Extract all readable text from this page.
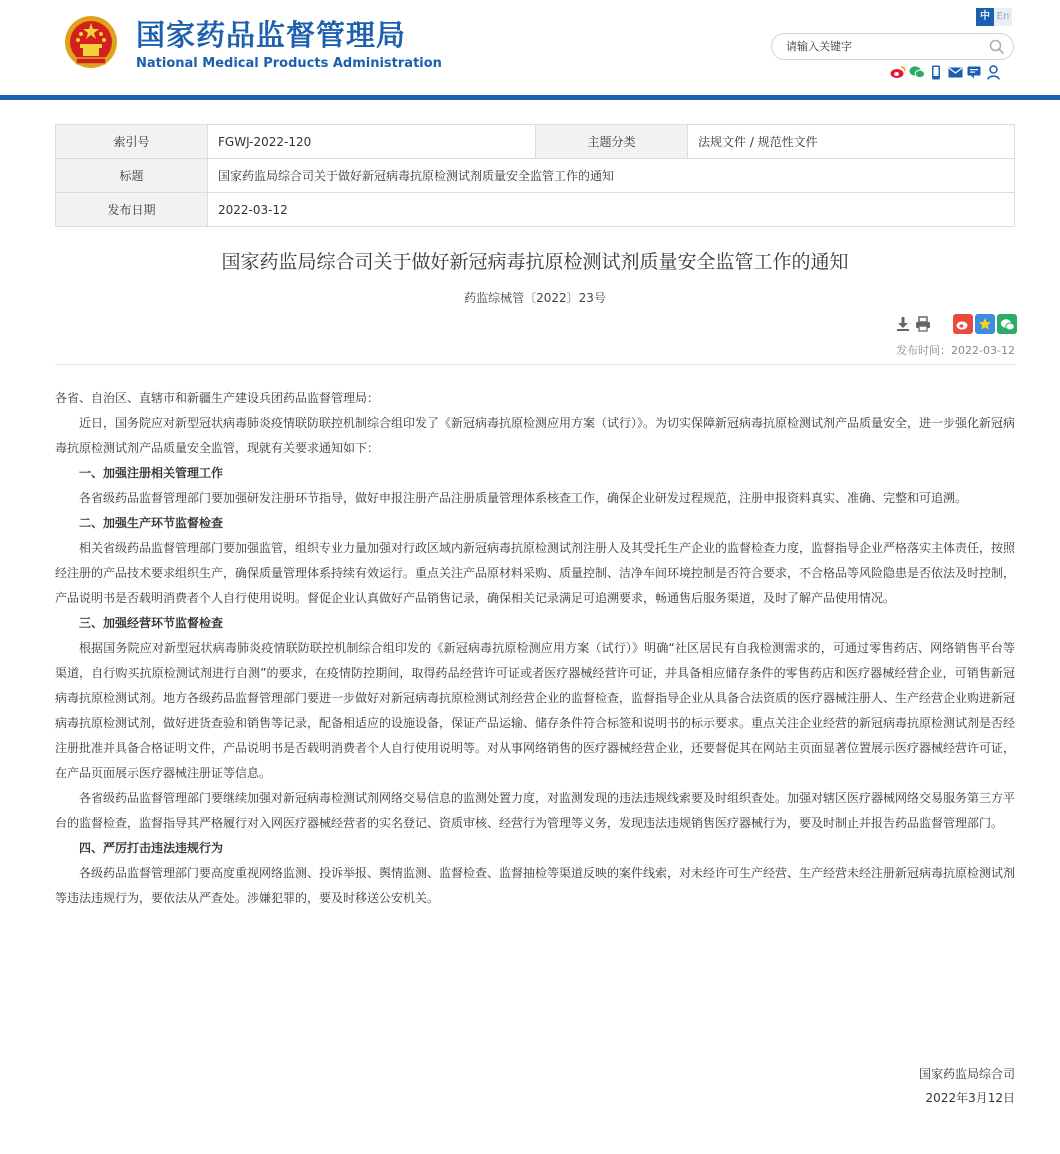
国家药品监督管理局
National Medical Products Administration
中 En
请输入关键字
索引号	FGWJ-2022-120	主题分类	法规文件 / 规范性文件
标题	国家药监局综合司关于做好新冠病毒抗原检测试剂质量安全监管工作的通知		
发布日期	2022-03-12		
国家药监局综合司关于做好新冠病毒抗原检测试剂质量安全监管工作的通知
药监综械管〔2022〕23号
发布时间：2022-03-12

各省、自治区、直辖市和新疆生产建设兵团药品监督管理局：

近日，国务院应对新型冠状病毒肺炎疫情联防联控机制综合组印发了《新冠病毒抗原检测应用方案（试行）》。为切实保障新冠病毒抗原检测试剂产品质量安全，进一步强化新冠病毒抗原检测试剂产品质量安全监管，现就有关要求通知如下：

一、加强注册相关管理工作

各省级药品监督管理部门要加强研发注册环节指导，做好申报注册产品注册质量管理体系核查工作，确保企业研发过程规范，注册申报资料真实、准确、完整和可追溯。

二、加强生产环节监督检查

相关省级药品监督管理部门要加强监管，组织专业力量加强对行政区域内新冠病毒抗原检测试剂注册人及其受托生产企业的监督检查力度，监督指导企业严格落实主体责任，按照经注册的产品技术要求组织生产，确保质量管理体系持续有效运行。重点关注产品原材料采购、质量控制、洁净车间环境控制是否符合要求，不合格品等风险隐患是否依法及时控制，产品说明书是否载明消费者个人自行使用说明。督促企业认真做好产品销售记录，确保相关记录满足可追溯要求，畅通售后服务渠道，及时了解产品使用情况。

三、加强经营环节监督检查

根据国务院应对新型冠状病毒肺炎疫情联防联控机制综合组印发的《新冠病毒抗原检测应用方案（试行）》明确“社区居民有自我检测需求的，可通过零售药店、网络销售平台等渠道，自行购买抗原检测试剂进行自测”的要求，在疫情防控期间，取得药品经营许可证或者医疗器械经营许可证，并具备相应储存条件的零售药店和医疗器械经营企业，可销售新冠病毒抗原检测试剂。地方各级药品监督管理部门要进一步做好对新冠病毒抗原检测试剂经营企业的监督检查，监督指导企业从具备合法资质的医疗器械注册人、生产经营企业购进新冠病毒抗原检测试剂，做好进货查验和销售等记录，配备相适应的设施设备，保证产品运输、储存条件符合标签和说明书的标示要求。重点关注企业经营的新冠病毒抗原检测试剂是否经注册批准并具备合格证明文件，产品说明书是否载明消费者个人自行使用说明等。对从事网络销售的医疗器械经营企业，还要督促其在网站主页面显著位置展示医疗器械经营许可证，在产品页面展示医疗器械注册证等信息。

各省级药品监督管理部门要继续加强对新冠病毒检测试剂网络交易信息的监测处置力度，对监测发现的违法违规线索要及时组织查处。加强对辖区医疗器械网络交易服务第三方平台的监督检查，监督指导其严格履行对入网医疗器械经营者的实名登记、资质审核、经营行为管理等义务，发现违法违规销售医疗器械行为，要及时制止并报告药品监督管理部门。

四、严厉打击违法违规行为

各级药品监督管理部门要高度重视网络监测、投诉举报、舆情监测、监督检查、监督抽检等渠道反映的案件线索，对未经许可生产经营、生产经营未经注册新冠病毒抗原检测试剂等违法违规行为，要依法从严查处。涉嫌犯罪的，要及时移送公安机关。

国家药监局综合司
2022年3月12日
